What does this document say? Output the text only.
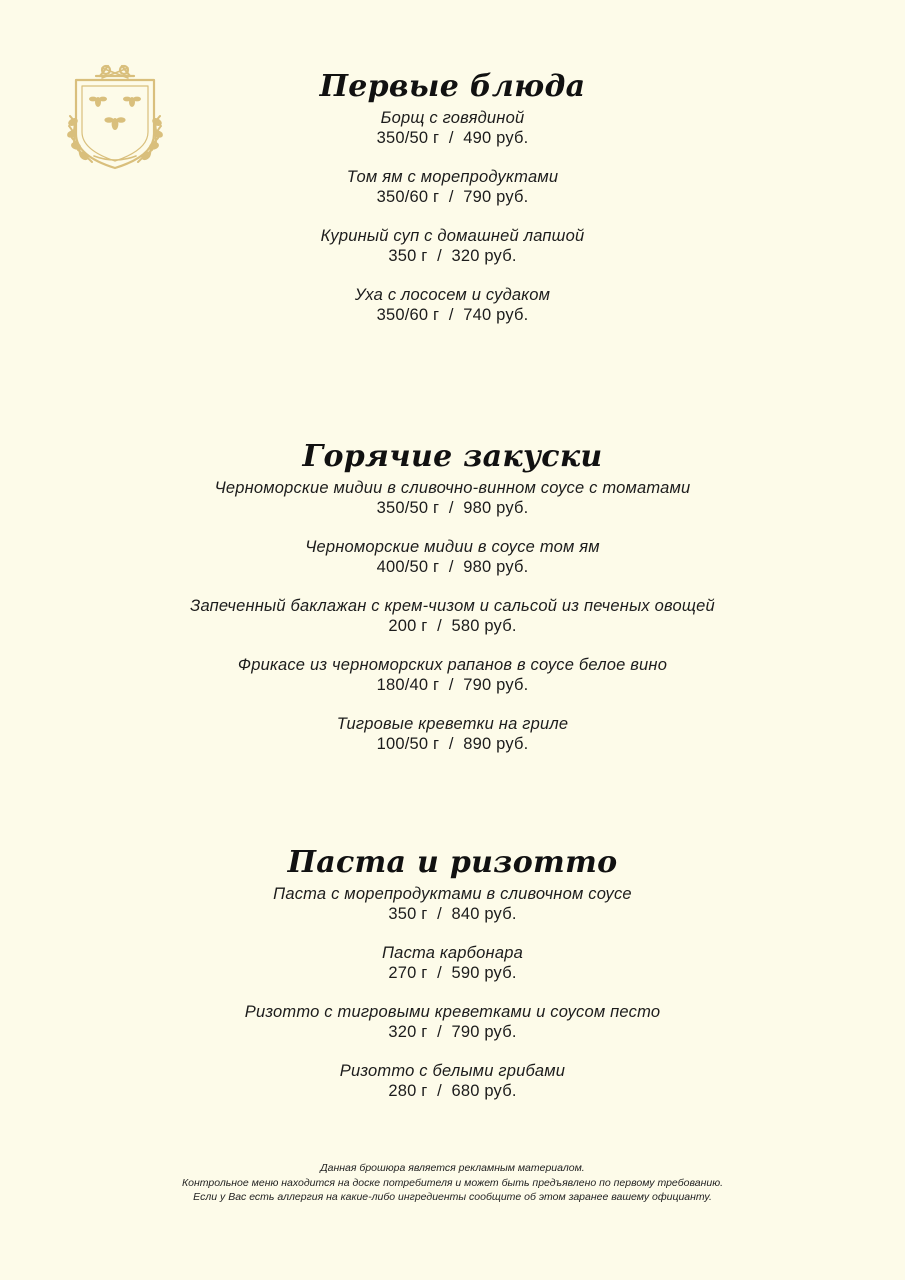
Первые блюда
Борщ с говядиной
350/50 г / 490 руб.
Том ям с морепродуктами
350/60 г / 790 руб.
Куриный суп с домашней лапшой
350 г / 320 руб.
Уха с лососем и судаком
350/60 г / 740 руб.
Горячие закуски
Черноморские мидии в сливочно-винном соусе с томатами
350/50 г / 980 руб.
Черноморские мидии в соусе том ям
400/50 г / 980 руб.
Запеченный баклажан с крем-чизом и сальсой из печеных овощей
200 г / 580 руб.
Фрикасе из черноморских рапанов в соусе белое вино
180/40 г / 790 руб.
Тигровые креветки на гриле
100/50 г / 890 руб.
Паста и ризотто
Паста с морепродуктами в сливочном соусе
350 г / 840 руб.
Паста карбонара
270 г / 590 руб.
Ризотто с тигровыми креветками и соусом песто
320 г / 790 руб.
Ризотто с белыми грибами
280 г / 680 руб.
Данная брошюра является рекламным материалом.
Контрольное меню находится на доске потребителя и может быть предъявлено по первому требованию.
Если у Вас есть аллергия на какие-либо ингредиенты сообщите об этом заранее вашему официанту.
